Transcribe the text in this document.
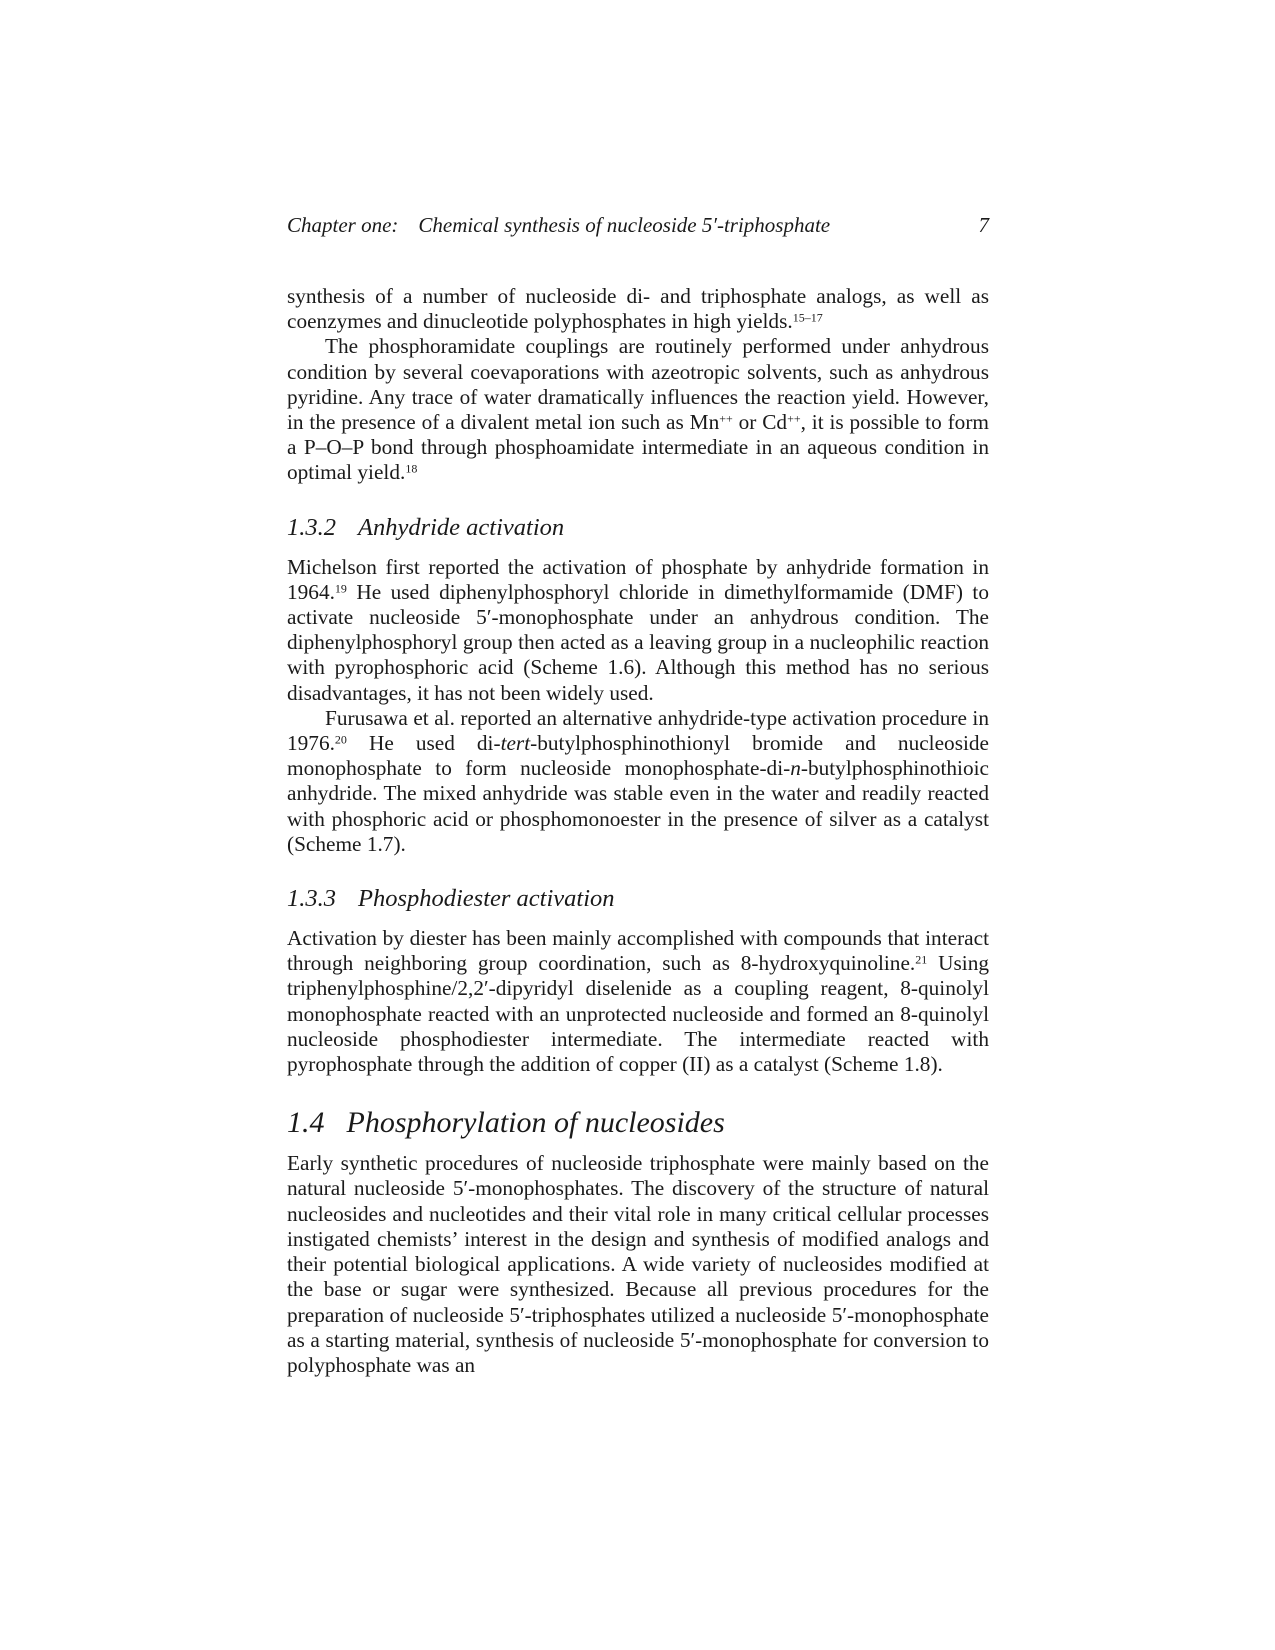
Chapter one: Chemical synthesis of nucleoside 5′-triphosphate	7

synthesis of a number of nucleoside di- and triphosphate analogs, as well as coenzymes and dinucleotide polyphosphates in high yields.$^{15-17}$

The phosphoramidate couplings are routinely performed under anhydrous condition by several coevaporations with azeotropic solvents, such as anhydrous pyridine. Any trace of water dramatically influences the reaction yield. However, in the presence of a divalent metal ion such as Mn++ or Cd++, it is possible to form a P–O–P bond through phosphoamidate intermediate in an aqueous condition in optimal yield.$^{18}$

1.3.2 Anhydride activation

Michelson first reported the activation of phosphate by anhydride formation in 1964.19 He used diphenylphosphoryl chloride in dimethylformamide (DMF) to activate nucleoside 5′-monophosphate under an anhydrous condition. The diphenylphosphoryl group then acted as a leaving group in a nucleophilic reaction with pyrophosphoric acid (Scheme 1.6). Although this method has no serious disadvantages, it has not been widely used.

Furusawa et al. reported an alternative anhydride-type activation procedure in 1976.20 He used di-tert-butylphosphinothionyl bromide and nucleoside monophosphate to form nucleoside monophosphate-di-n-butylphosphinothioic anhydride. The mixed anhydride was stable even in the water and readily reacted with phosphoric acid or phosphomonoester in the presence of silver as a catalyst (Scheme 1.7).

1.3.3 Phosphodiester activation

Activation by diester has been mainly accomplished with compounds that interact through neighboring group coordination, such as 8-hydroxyquinoline.$^{21}$ Using triphenylphosphine/2,2′-dipyridyl diselenide as a coupling reagent, 8-quinolyl monophosphate reacted with an unprotected nucleoside and formed an 8-quinolyl nucleoside phosphodiester intermediate. The intermediate reacted with pyrophosphate through the addition of copper (II) as a catalyst (Scheme 1.8).

1.4 Phosphorylation of nucleosides

Early synthetic procedures of nucleoside triphosphate were mainly based on the natural nucleoside 5′-monophosphates. The discovery of the structure of natural nucleosides and nucleotides and their vital role in many critical cellular processes instigated chemists’ interest in the design and synthesis of modified analogs and their potential biological applications. A wide variety of nucleosides modified at the base or sugar were synthesized. Because all previous procedures for the preparation of nucleoside 5′-triphosphates utilized a nucleoside 5′-monophosphate as a starting material, synthesis of nucleoside 5′-monophosphate for conversion to polyphosphate was an
